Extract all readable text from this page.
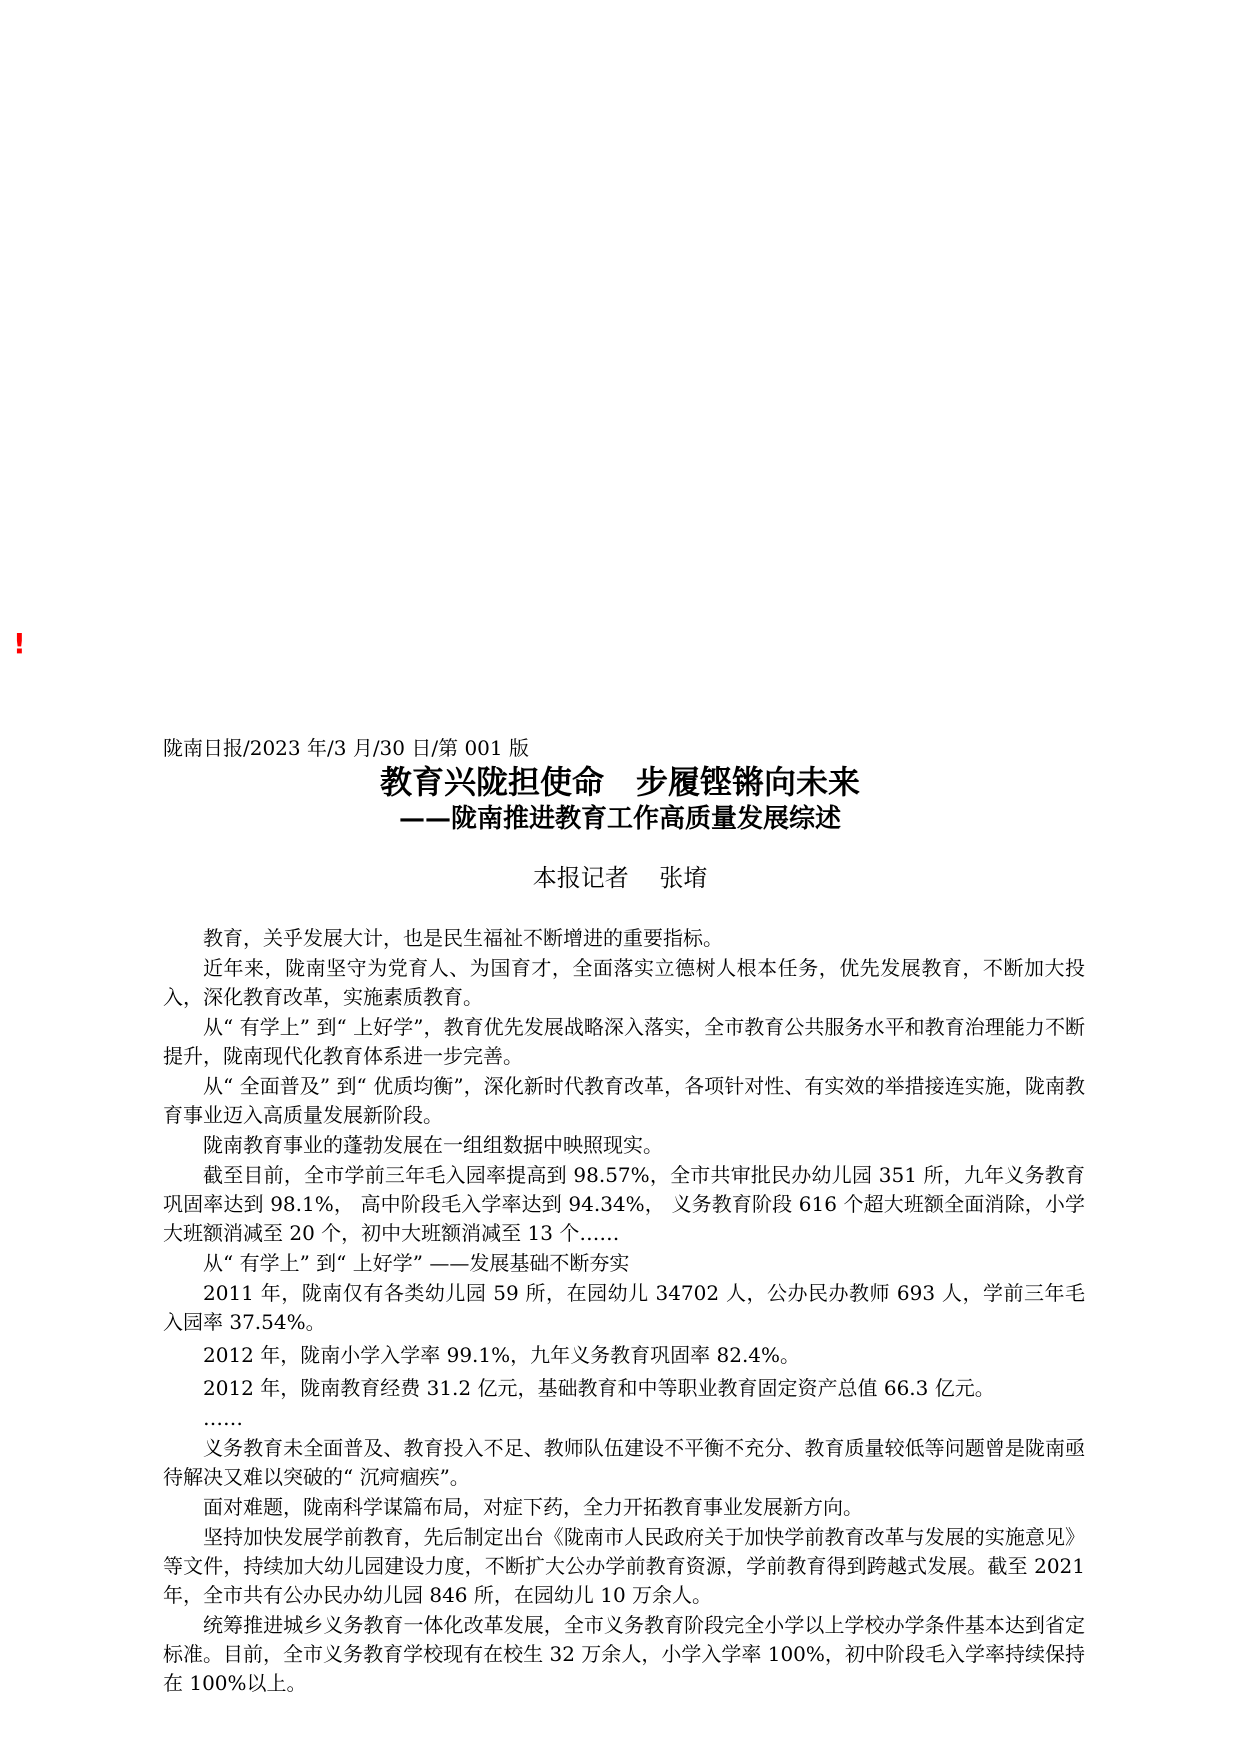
!
陇南日报/2023 年/3 月/30 日/第 001 版
教育兴陇担使命　步履铿锵向未来
——陇南推进教育工作高质量发展综述
本报记者    张堉

教育，关乎发展大计，也是民生福祉不断增进的重要指标。

近年来，陇南坚守为党育人、为国育才，全面落实立德树人根本任务，优先发展教育，不断加大投入，深化教育改革，实施素质教育。

从“ 有学上” 到“ 上好学”，教育优先发展战略深入落实，全市教育公共服务水平和教育治理能力不断提升，陇南现代化教育体系进一步完善。

从“ 全面普及” 到“ 优质均衡”，深化新时代教育改革，各项针对性、有实效的举措接连实施，陇南教育事业迈入高质量发展新阶段。

陇南教育事业的蓬勃发展在一组组数据中映照现实。

截至目前，全市学前三年毛入园率提高到 98.57%，全市共审批民办幼儿园 351 所，九年义务教育巩固率达到 98.1%， 高中阶段毛入学率达到 94.34%， 义务教育阶段 616 个超大班额全面消除，小学大班额消减至 20 个，初中大班额消减至 13 个……

从“ 有学上” 到“ 上好学” ——发展基础不断夯实

2011 年，陇南仅有各类幼儿园 59 所，在园幼儿 34702 人，公办民办教师 693 人，学前三年毛入园率 37.54%。

2012 年，陇南小学入学率 99.1%，九年义务教育巩固率 82.4%。

2012 年，陇南教育经费 31.2 亿元，基础教育和中等职业教育固定资产总值 66.3 亿元。

……

义务教育未全面普及、教育投入不足、教师队伍建设不平衡不充分、教育质量较低等问题曾是陇南亟待解决又难以突破的“ 沉疴痼疾”。

面对难题，陇南科学谋篇布局，对症下药，全力开拓教育事业发展新方向。

坚持加快发展学前教育，先后制定出台《陇南市人民政府关于加快学前教育改革与发展的实施意见》等文件，持续加大幼儿园建设力度，不断扩大公办学前教育资源，学前教育得到跨越式发展。截至 2021 年，全市共有公办民办幼儿园 846 所，在园幼儿 10 万余人。

统筹推进城乡义务教育一体化改革发展，全市义务教育阶段完全小学以上学校办学条件基本达到省定标准。目前，全市义务教育学校现有在校生 32 万余人，小学入学率 100%，初中阶段毛入学率持续保持在 100%以上。
